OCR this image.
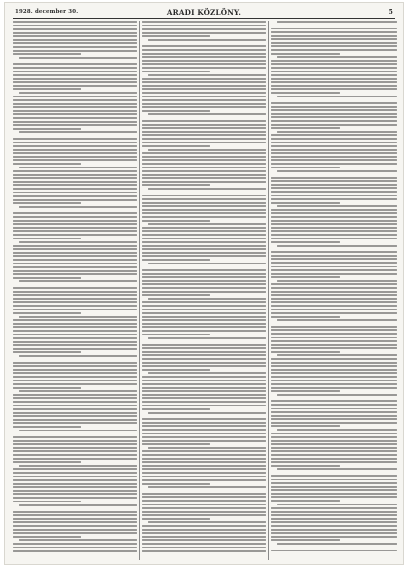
1928. december 30.	ARADI KÖZLÖNY.	5
